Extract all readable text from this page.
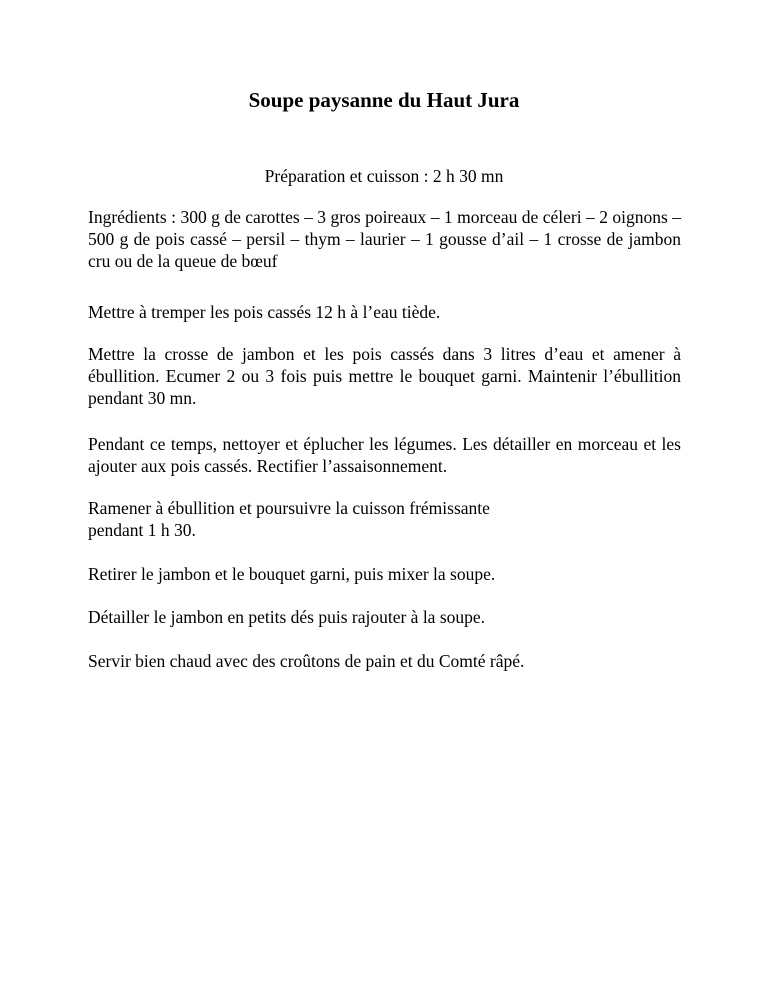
Soupe paysanne du Haut Jura

Préparation et cuisson : 2 h 30 mn

Ingrédients : 300 g de carottes – 3 gros poireaux – 1 morceau de céleri – 2 oignons – 500 g de pois cassé – persil – thym – laurier – 1 gousse d’ail – 1 crosse de jambon cru ou de la queue de bœuf

Mettre à tremper les pois cassés 12 h à l’eau tiède.

Mettre la crosse de jambon et les pois cassés dans 3 litres d’eau et amener à ébullition. Ecumer 2 ou 3 fois puis mettre le bouquet garni. Maintenir l’ébullition pendant 30 mn.

Pendant ce temps, nettoyer et éplucher les légumes. Les détailler en morceau et les ajouter aux pois cassés. Rectifier l’assaisonnement.

Ramener à ébullition et poursuivre la cuisson frémissante
pendant 1 h 30.

Retirer le jambon et le bouquet garni, puis mixer la soupe.

Détailler le jambon en petits dés puis rajouter à la soupe.

Servir bien chaud avec des croûtons de pain et du Comté râpé.
